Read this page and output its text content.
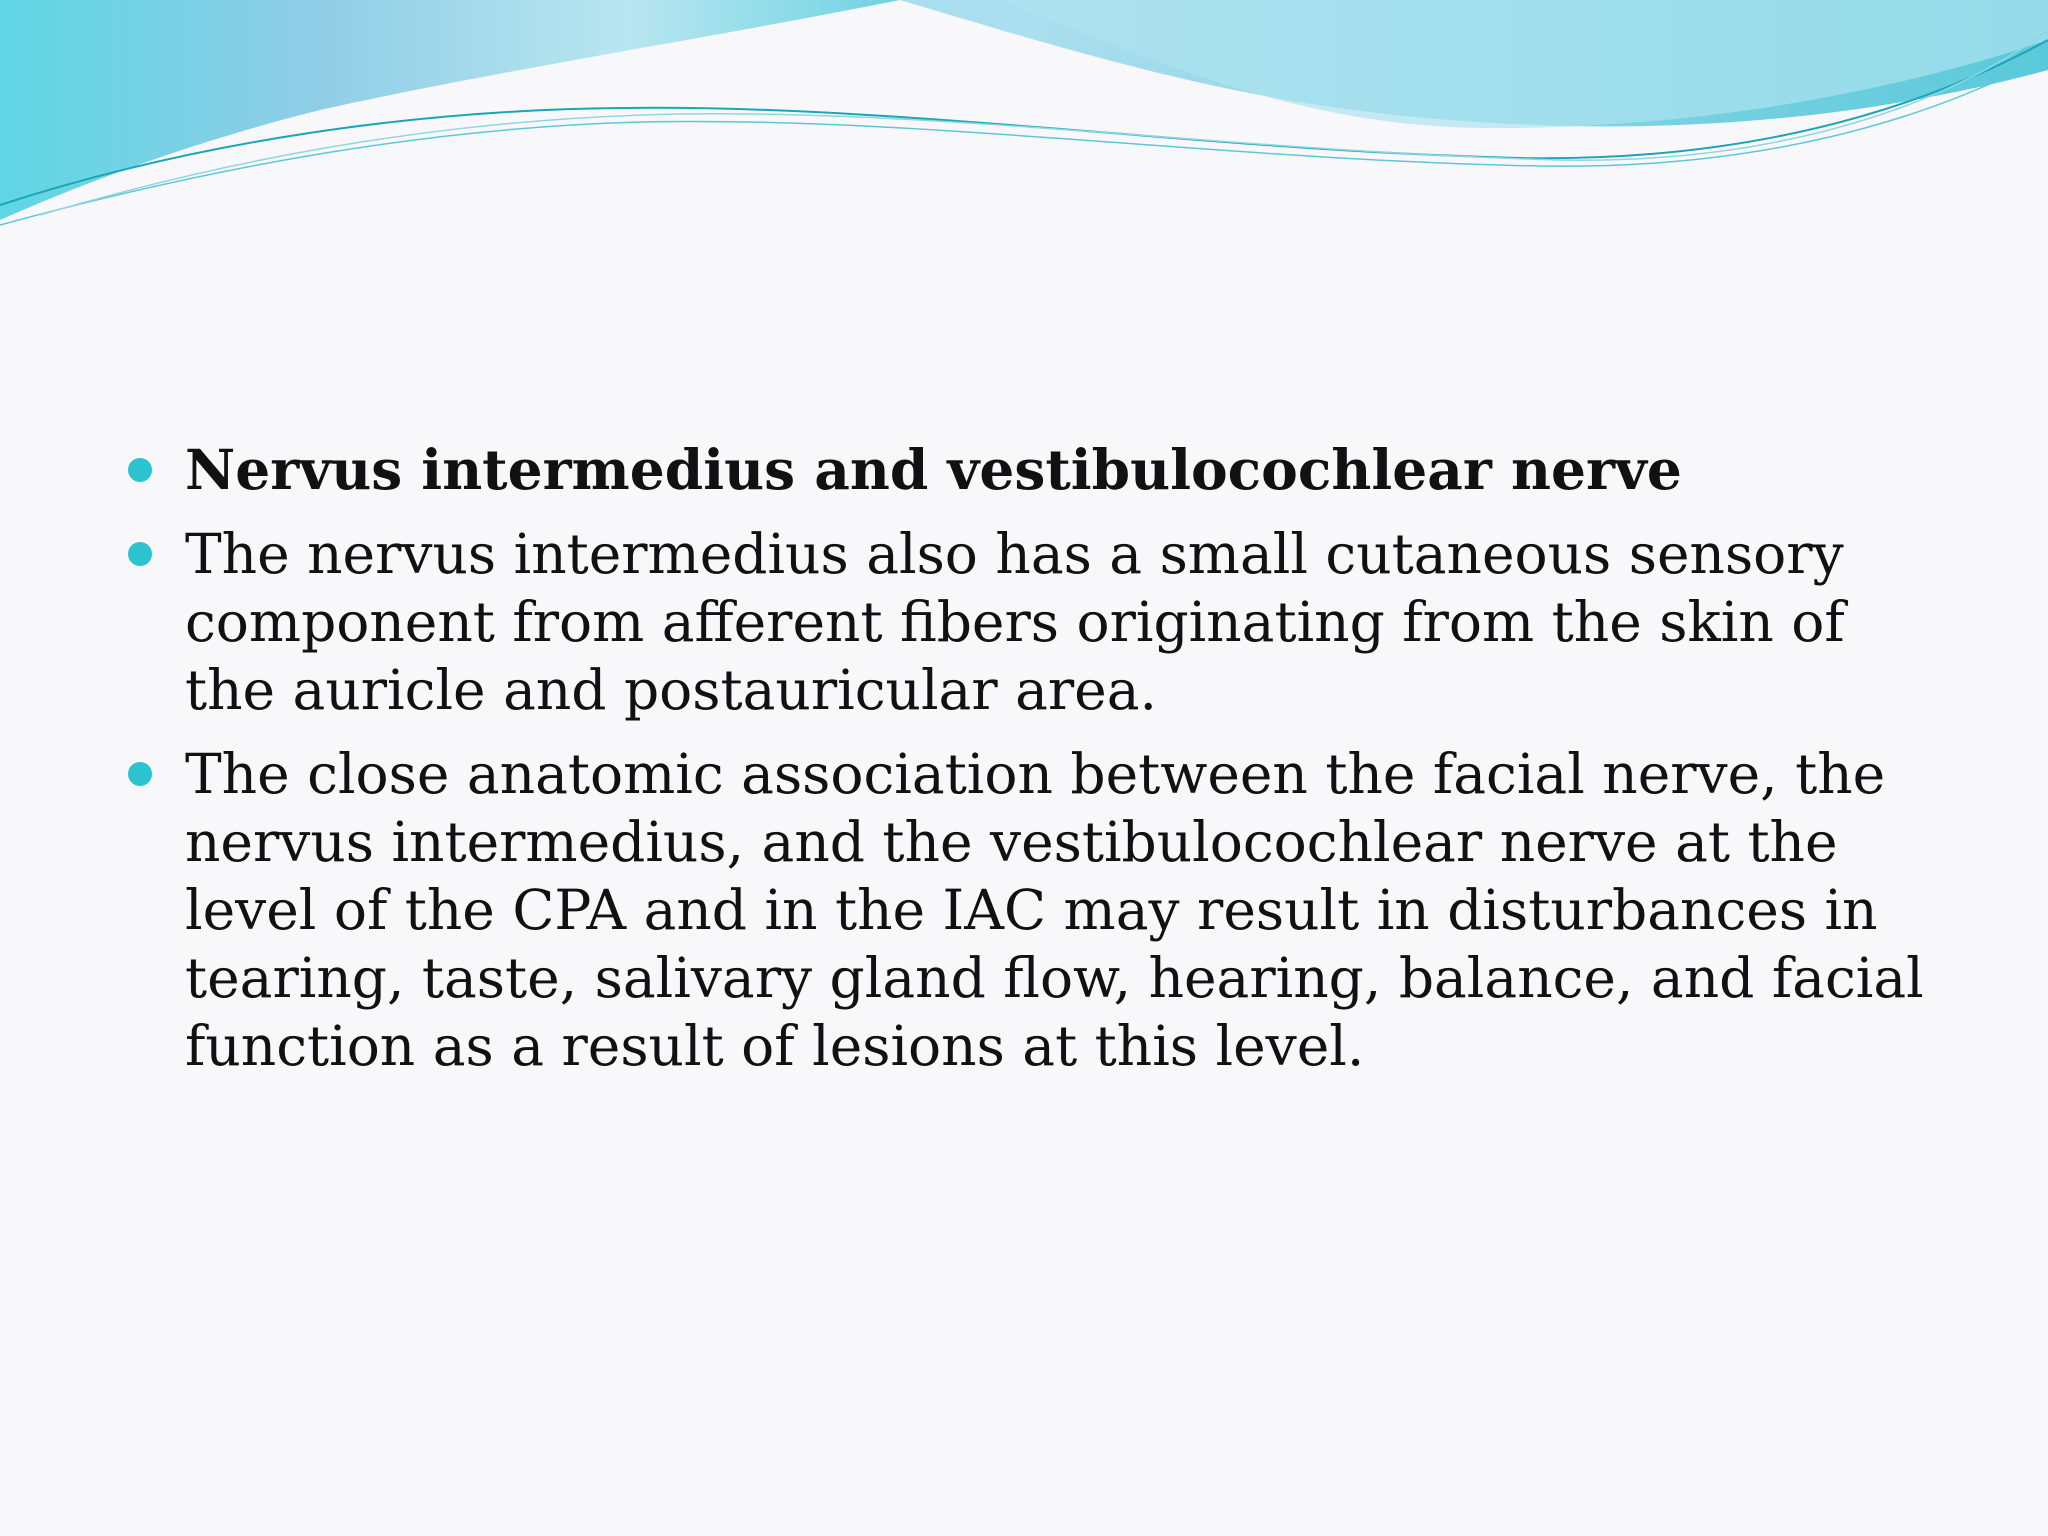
Nervus intermedius and vestibulocochlear nerve
The nervus intermedius also has a small cutaneous sensory component from afferent fibers originating from the skin of the auricle and postauricular area.
The close anatomic association between the facial nerve, the nervus intermedius, and the vestibulocochlear nerve at the level of the CPA and in the IAC may result in disturbances in tearing, taste, salivary gland flow, hearing, balance, and facial function as a result of lesions at this level.
